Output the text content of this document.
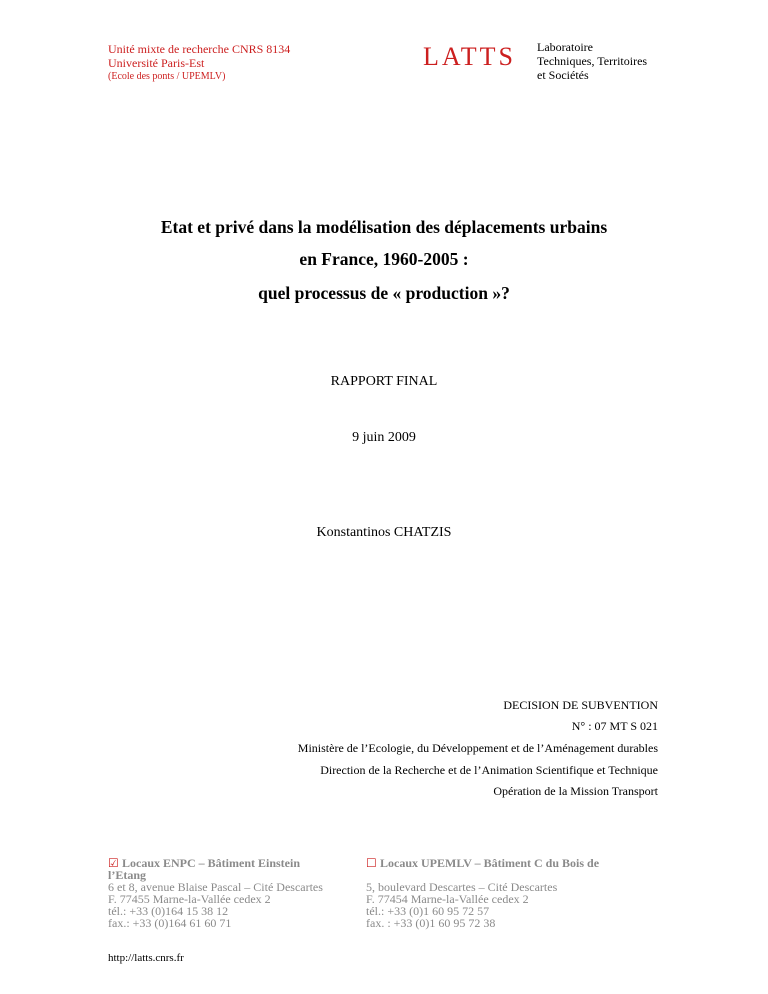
Unité mixte de recherche CNRS 8134
Université Paris-Est
(Ecole des ponts / UPEMLV)
LATTS Laboratoire
Techniques, Territoires
et Sociétés
Etat et privé dans la modélisation des déplacements urbains
en France, 1960-2005 :
quel processus de « production »?
RAPPORT FINAL
9 juin 2009
Konstantinos CHATZIS
DECISION DE SUBVENTION
N° : 07 MT S 021
Ministère de l’Ecologie, du Développement et de l’Aménagement durables
Direction de la Recherche et de l’Animation Scientifique et Technique
Opération de la Mission Transport
☑ Locaux ENPC – Bâtiment Einstein
l’Etang
6 et 8, avenue Blaise Pascal – Cité Descartes
F. 77455 Marne-la-Vallée cedex 2
tél.: +33 (0)164 15 38 12
fax.: +33 (0)164 61 60 71
☐ Locaux UPEMLV – Bâtiment C du Bois de
5, boulevard Descartes – Cité Descartes
F. 77454 Marne-la-Vallée cedex 2
tél.: +33 (0)1 60 95 72 57
fax. : +33 (0)1 60 95 72 38
http://latts.cnrs.fr
